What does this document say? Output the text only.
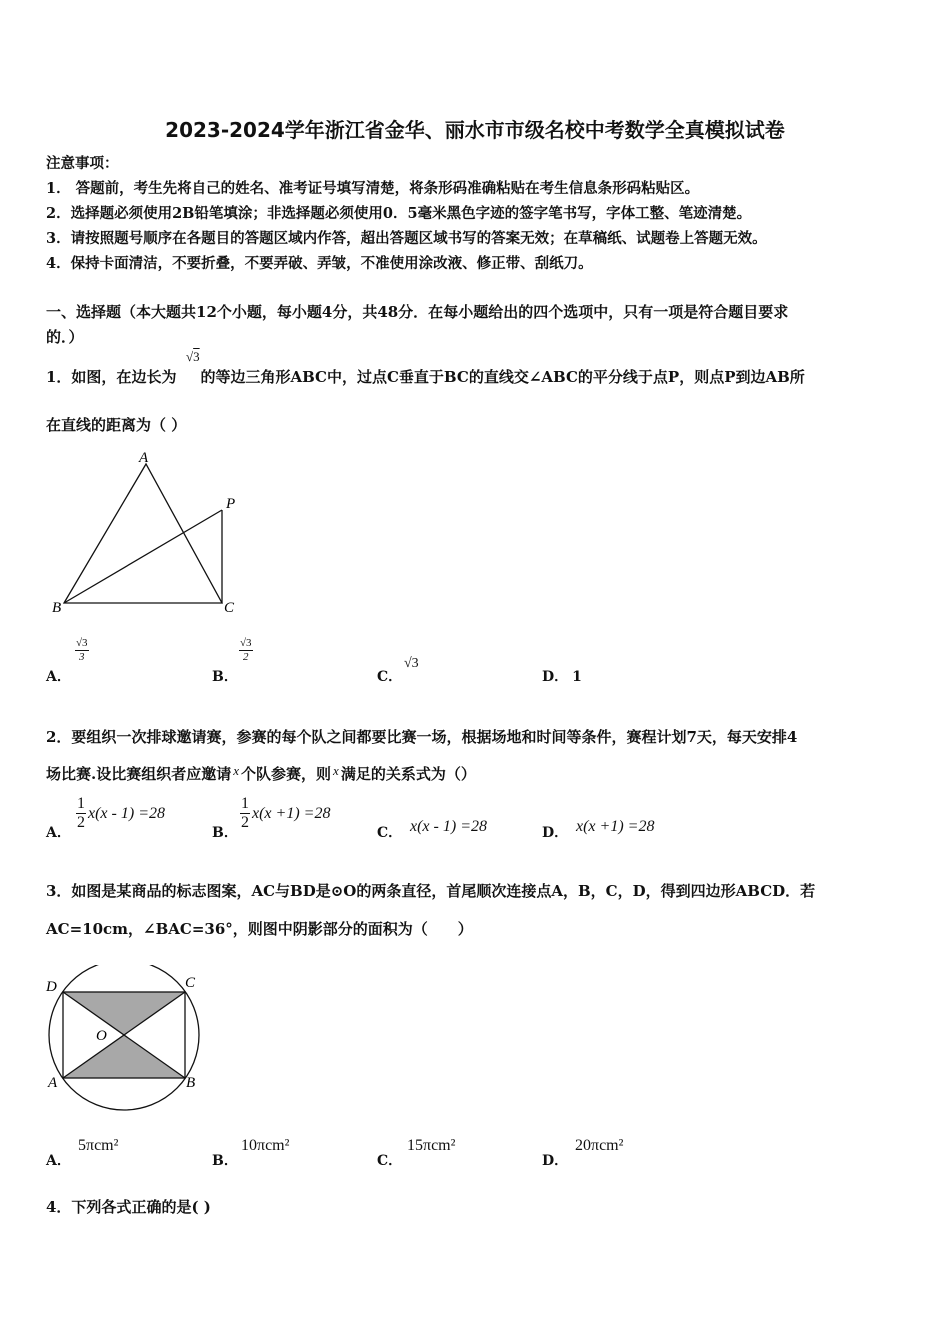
2023-2024学年浙江省金华、丽水市市级名校中考数学全真模拟试卷
注意事项：
1． 答题前，考生先将自己的姓名、准考证号填写清楚，将条形码准确粘贴在考生信息条形码粘贴区。
2．选择题必须使用2B铅笔填涂；非选择题必须使用0．5毫米黑色字迹的签字笔书写，字体工整、笔迹清楚。
3．请按照题号顺序在各题目的答题区域内作答，超出答题区域书写的答案无效；在草稿纸、试题卷上答题无效。
4．保持卡面清洁，不要折叠，不要弄破、弄皱，不准使用涂改液、修正带、刮纸刀。
一、选择题（本大题共12个小题，每小题4分，共48分．在每小题给出的四个选项中，只有一项是符合题目要求
的．）
1．如图，在边长为 的等边三角形ABC中，过点C垂直于BC的直线交∠ABC的平分线于点P，则点P到边AB所
√3
在直线的距离为（ ）
A
P
B	C
A．
$\frac{√3}{3}$
B．
$\frac{√3}{2}$
C．
√3
D． 1
2．要组织一次排球邀请赛，参赛的每个队之间都要比赛一场，根据场地和时间等条件，赛程计划7天，每天安排4
场比赛.设比赛组织者应邀请 x 个队参赛，则 x 满足的关系式为（）
A．
$\frac{1}{2} x(x - 1) =28$
B．
$\frac{1}{2} x(x +1) =28$
C． x(x - 1) =28	D． x(x +1) =28
3．如图是某商品的标志图案，AC与BD是⊙O的两条直径，首尾顺次连接点A，B，C，D，得到四边形ABCD．若
AC=10cm，∠BAC=36°，则图中阴影部分的面积为（　　）
D	C
O
A	B
A．
5πcm²
B．
10πcm²
C．
15πcm²
D．
20πcm²
4．下列各式正确的是( )
